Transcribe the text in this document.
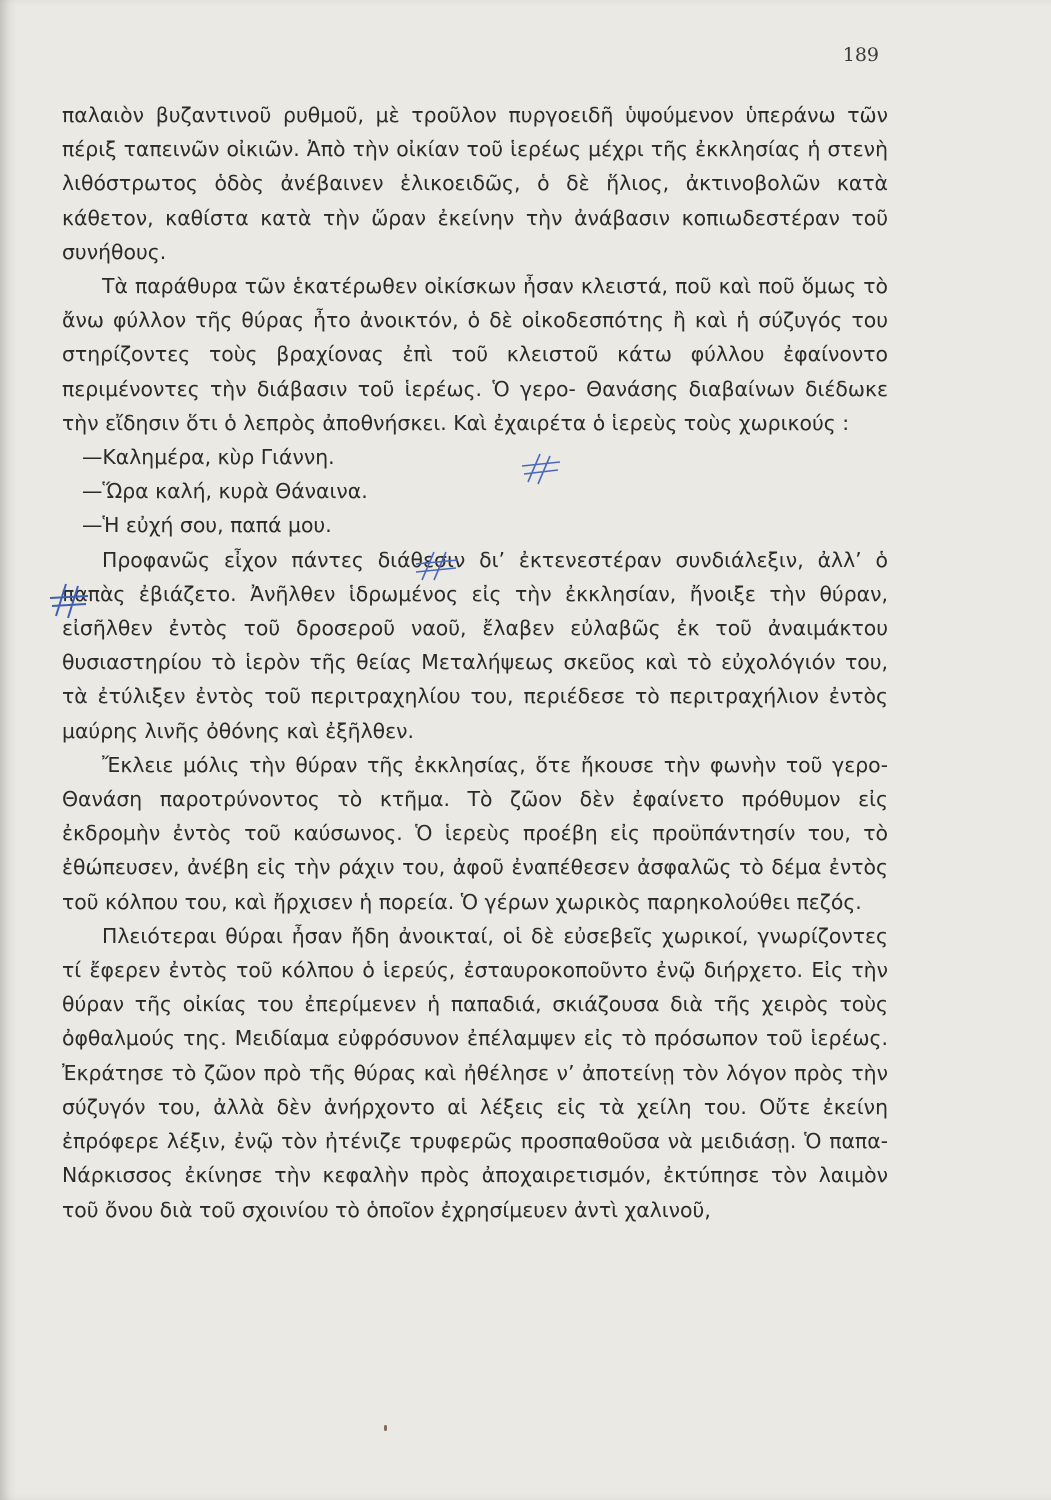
189

παλαιὸν βυζαντινοῦ ρυθμοῦ, μὲ τροῦλον πυργοειδῆ ὑψούμενον ὑπεράνω τῶν πέριξ ταπεινῶν οἰκιῶν. Ἀπὸ τὴν οἰκίαν τοῦ ἱερέως μέχρι τῆς ἐκκλησίας ἡ στενὴ λιθόστρωτος ὁδὸς ἀνέβαινεν ἑλικοειδῶς, ὁ δὲ ἥλιος, ἀκτινοβολῶν κατὰ κάθετον, καθίστα κατὰ τὴν ὥραν ἐκείνην τὴν ἀνάβασιν κοπιωδεστέραν τοῦ συνήθους.

Τὰ παράθυρα τῶν ἑκατέρωθεν οἰκίσκων ἦσαν κλειστά, ποῦ καὶ ποῦ ὅμως τὸ ἄνω φύλλον τῆς θύρας ἦτο ἀνοικτόν, ὁ δὲ οἰκοδεσπότης ἢ καὶ ἡ σύζυγός του στηρίζοντες τοὺς βραχίονας ἐπὶ τοῦ κλειστοῦ κάτω φύλλου ἐφαίνοντο περιμένοντες τὴν διάβασιν τοῦ ἱερέως. Ὁ γερο- Θανάσης διαβαίνων διέδωκε τὴν εἴδησιν ὅτι ὁ λεπρὸς ἀποθνήσκει. Καὶ ἐχαιρέτα ὁ ἱερεὺς τοὺς χωρικούς :

—Καλημέρα, κὺρ Γιάννη.

—Ὥρα καλή, κυρὰ Θάναινα.

—Ἡ εὐχή σου, παπά μου.

Προφανῶς εἶχον πάντες διάθεσιν δι’ ἐκτενεστέραν συνδιάλεξιν, ἀλλ’ ὁ παπὰς ἐβιάζετο. Ἀνῆλθεν ἱδρωμένος εἰς τὴν ἐκκλησίαν, ἤνοιξε τὴν θύραν, εἰσῆλθεν ἐντὸς τοῦ δροσεροῦ ναοῦ, ἔλαβεν εὐλαβῶς ἐκ τοῦ ἀναιμάκτου θυσιαστηρίου τὸ ἱερὸν τῆς θείας Μεταλήψεως σκεῦος καὶ τὸ εὐχολόγιόν του, τὰ ἐτύλιξεν ἐντὸς τοῦ περιτραχηλίου του, περιέδεσε τὸ περιτραχήλιον ἐντὸς μαύρης λινῆς ὀθόνης καὶ ἐξῆλθεν.

Ἔκλειε μόλις τὴν θύραν τῆς ἐκκλησίας, ὅτε ἤκουσε τὴν φωνὴν τοῦ γερο-Θανάση παροτρύνοντος τὸ κτῆμα. Τὸ ζῶον δὲν ἐφαίνετο πρόθυμον εἰς ἐκδρομὴν ἐντὸς τοῦ καύσωνος. Ὁ ἱερεὺς προέβη εἰς προϋπάντησίν του, τὸ ἐθώπευσεν, ἀνέβη εἰς τὴν ράχιν του, ἀφοῦ ἐναπέθεσεν ἀσφαλῶς τὸ δέμα ἐντὸς τοῦ κόλπου του, καὶ ἤρχισεν ἡ πορεία. Ὁ γέρων χωρικὸς παρηκολούθει πεζός.

Πλειότεραι θύραι ἦσαν ἤδη ἀνοικταί, οἱ δὲ εὐσεβεῖς χωρικοί, γνωρίζοντες τί ἔφερεν ἐντὸς τοῦ κόλπου ὁ ἱερεύς, ἐσταυροκοποῦντο ἐνῷ διήρχετο. Εἰς τὴν θύραν τῆς οἰκίας του ἐπερίμενεν ἡ παπαδιά, σκιάζουσα διὰ τῆς χειρὸς τοὺς ὀφθαλμούς της. Μειδίαμα εὐφρόσυνον ἐπέλαμψεν εἰς τὸ πρόσωπον τοῦ ἱερέως. Ἐκράτησε τὸ ζῶον πρὸ τῆς θύρας καὶ ἠθέλησε ν’ ἀποτείνῃ τὸν λόγον πρὸς τὴν σύζυγόν του, ἀλλὰ δὲν ἀνήρχοντο αἱ λέξεις εἰς τὰ χείλη του. Οὔτε ἐκείνη ἐπρόφερε λέξιν, ἐνῷ τὸν ἠτένιζε τρυφερῶς προσπαθοῦσα νὰ μειδιάσῃ. Ὁ παπα-Νάρκισσος ἐκίνησε τὴν κεφαλὴν πρὸς ἀποχαιρετισμόν, ἐκτύπησε τὸν λαιμὸν τοῦ ὄνου διὰ τοῦ σχοινίου τὸ ὁποῖον ἐχρησίμευεν ἀντὶ χαλινοῦ,
